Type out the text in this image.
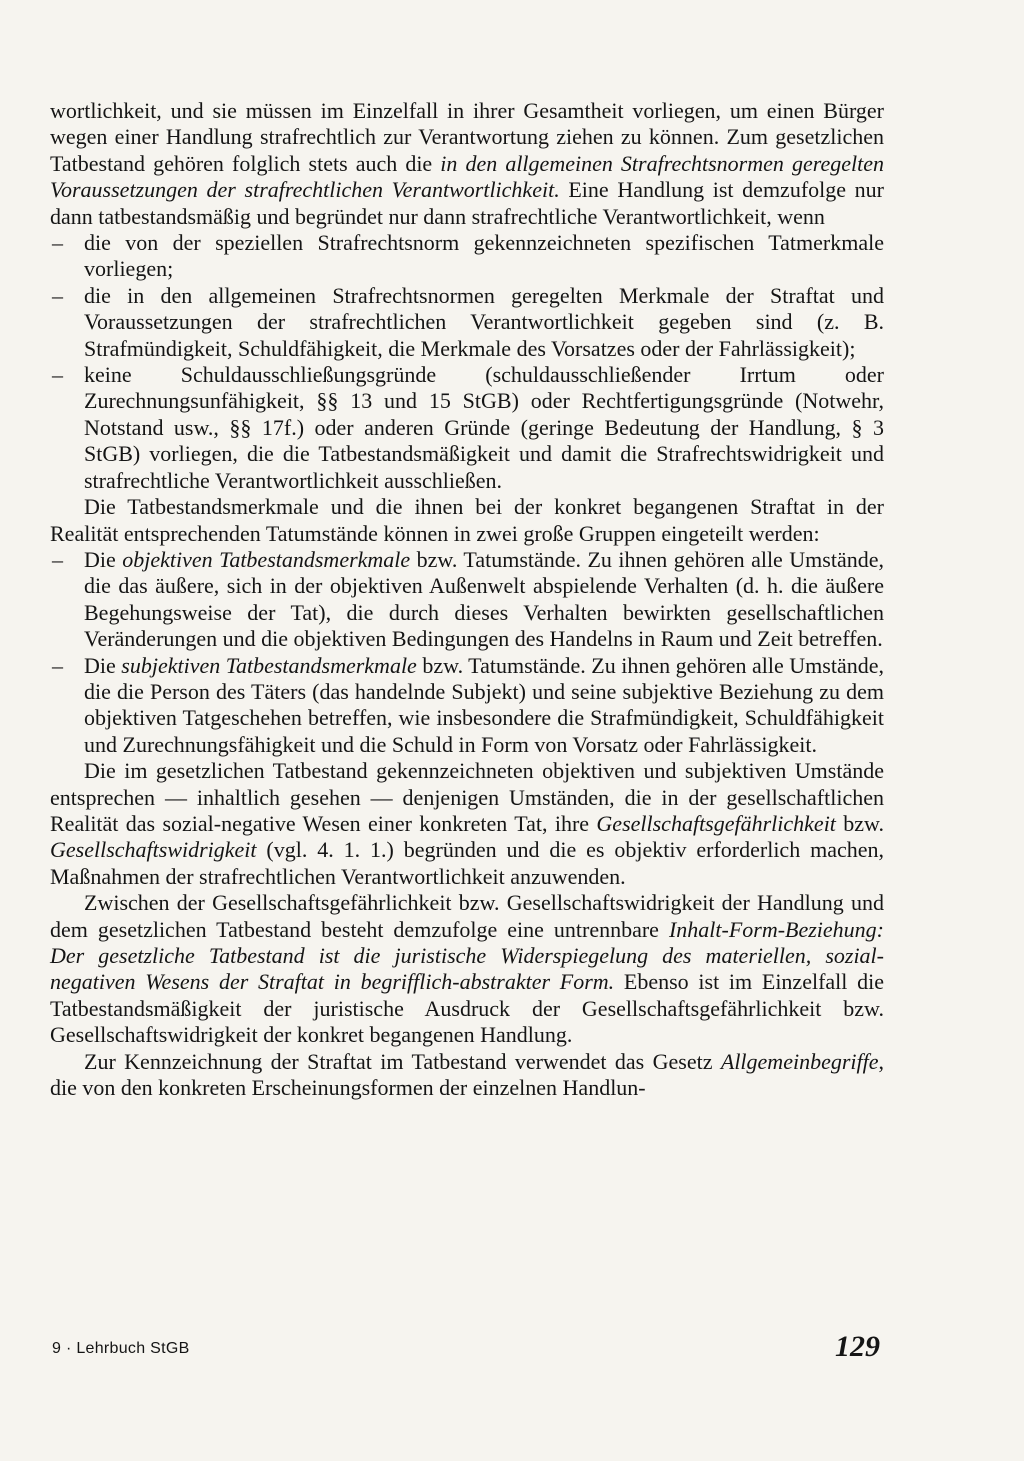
wortlichkeit, und sie müssen im Einzelfall in ihrer Gesamtheit vorliegen, um einen Bürger wegen einer Handlung strafrechtlich zur Verantwortung ziehen zu können. Zum gesetzlichen Tatbestand gehören folglich stets auch die in den allgemeinen Strafrechtsnormen geregelten Voraussetzungen der strafrechtlichen Verantwortlichkeit. Eine Handlung ist demzufolge nur dann tatbestandsmäßig und begründet nur dann strafrechtliche Verantwortlichkeit, wenn

– die von der speziellen Strafrechtsnorm gekennzeichneten spezifischen Tatmerkmale vorliegen;
– die in den allgemeinen Strafrechtsnormen geregelten Merkmale der Straftat und Voraussetzungen der strafrechtlichen Verantwortlichkeit gegeben sind (z. B. Strafmündigkeit, Schuldfähigkeit, die Merkmale des Vorsatzes oder der Fahrlässigkeit);
– keine Schuldausschließungsgründe (schuldausschließender Irrtum oder Zurechnungsunfähigkeit, §§ 13 und 15 StGB) oder Rechtfertigungsgründe (Notwehr, Notstand usw., §§ 17f.) oder anderen Gründe (geringe Bedeutung der Handlung, § 3 StGB) vorliegen, die die Tatbestandsmäßigkeit und damit die Strafrechtswidrigkeit und strafrechtliche Verantwortlichkeit ausschließen.

Die Tatbestandsmerkmale und die ihnen bei der konkret begangenen Straftat in der Realität entsprechenden Tatumstände können in zwei große Gruppen eingeteilt werden:

– Die objektiven Tatbestandsmerkmale bzw. Tatumstände. Zu ihnen gehören alle Umstände, die das äußere, sich in der objektiven Außenwelt abspielende Verhalten (d. h. die äußere Begehungsweise der Tat), die durch dieses Verhalten bewirkten gesellschaftlichen Veränderungen und die objektiven Bedingungen des Handelns in Raum und Zeit betreffen.
– Die subjektiven Tatbestandsmerkmale bzw. Tatumstände. Zu ihnen gehören alle Umstände, die die Person des Täters (das handelnde Subjekt) und seine subjektive Beziehung zu dem objektiven Tatgeschehen betreffen, wie insbesondere die Strafmündigkeit, Schuldfähigkeit und Zurechnungsfähigkeit und die Schuld in Form von Vorsatz oder Fahrlässigkeit.

Die im gesetzlichen Tatbestand gekennzeichneten objektiven und subjektiven Umstände entsprechen — inhaltlich gesehen — denjenigen Umständen, die in der gesellschaftlichen Realität das sozial-negative Wesen einer konkreten Tat, ihre Gesellschaftsgefährlichkeit bzw. Gesellschaftswidrigkeit (vgl. 4. 1. 1.) begründen und die es objektiv erforderlich machen, Maßnahmen der strafrechtlichen Verantwortlichkeit anzuwenden.

Zwischen der Gesellschaftsgefährlichkeit bzw. Gesellschaftswidrigkeit der Handlung und dem gesetzlichen Tatbestand besteht demzufolge eine untrennbare Inhalt-Form-Beziehung: Der gesetzliche Tatbestand ist die juristische Widerspiegelung des materiellen, sozial-negativen Wesens der Straftat in begrifflich-abstrakter Form. Ebenso ist im Einzelfall die Tatbestandsmäßigkeit der juristische Ausdruck der Gesellschaftsgefährlichkeit bzw. Gesellschaftswidrigkeit der konkret begangenen Handlung.

Zur Kennzeichnung der Straftat im Tatbestand verwendet das Gesetz Allgemeinbegriffe, die von den konkreten Erscheinungsformen der einzelnen Handlun-

9 · Lehrbuch StGB	129
